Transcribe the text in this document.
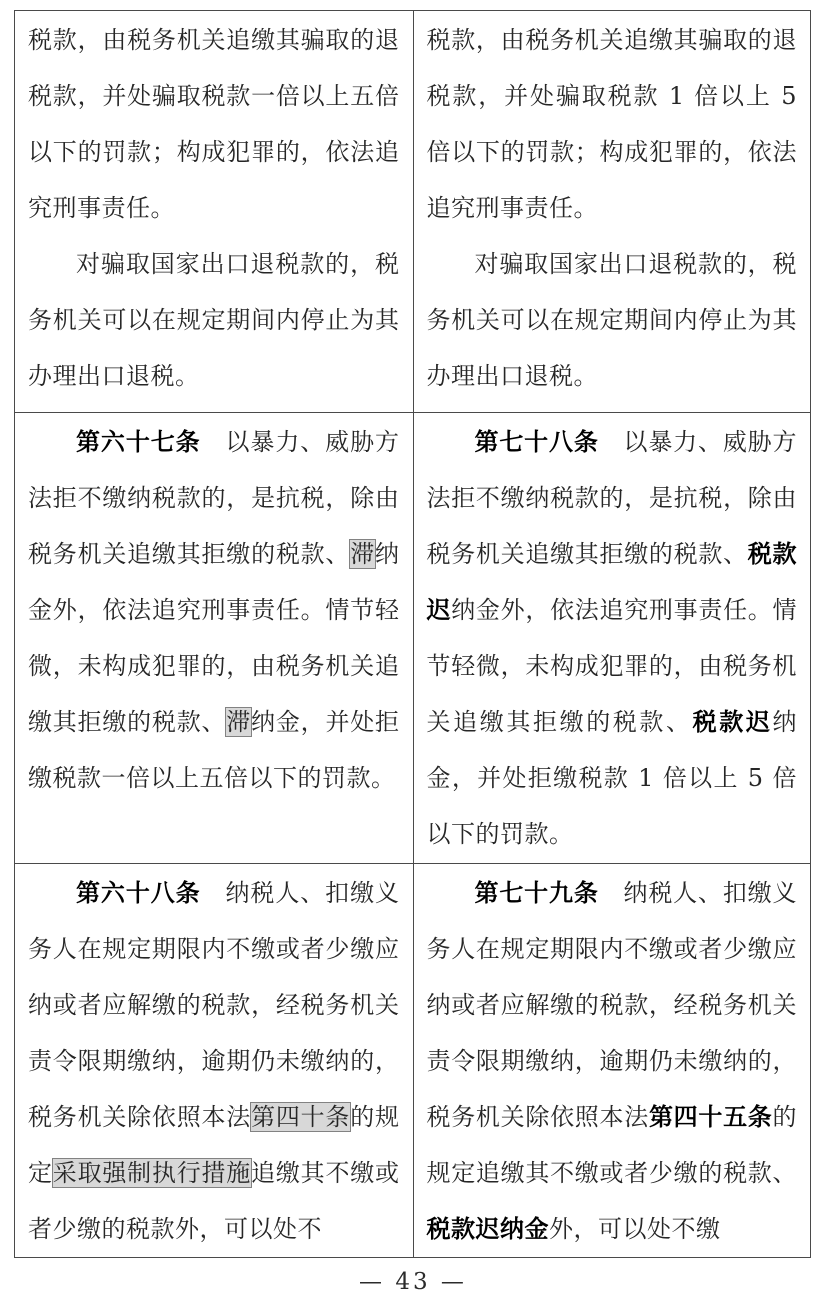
税款，由税务机关追缴其骗取的退税款，并处骗取税款一倍以上五倍以下的罚款；构成犯罪的，依法追究刑事责任。

对骗取国家出口退税款的，税务机关可以在规定期间内停止为其办理出口退税。

税款，由税务机关追缴其骗取的退税款，并处骗取税款 1 倍以上 5 倍以下的罚款；构成犯罪的，依法追究刑事责任。

对骗取国家出口退税款的，税务机关可以在规定期间内停止为其办理出口退税。

第六十七条　以暴力、威胁方法拒不缴纳税款的，是抗税，除由税务机关追缴其拒缴的税款、滞纳金外，依法追究刑事责任。情节轻微，未构成犯罪的，由税务机关追缴其拒缴的税款、滞纳金，并处拒缴税款一倍以上五倍以下的罚款。

第七十八条　以暴力、威胁方法拒不缴纳税款的，是抗税，除由税务机关追缴其拒缴的税款、税款迟纳金外，依法追究刑事责任。情节轻微，未构成犯罪的，由税务机关追缴其拒缴的税款、税款迟纳金，并处拒缴税款 1 倍以上 5 倍以下的罚款。

第六十八条　纳税人、扣缴义务人在规定期限内不缴或者少缴应纳或者应解缴的税款，经税务机关责令限期缴纳，逾期仍未缴纳的，税务机关除依照本法第四十条的规定采取强制执行措施追缴其不缴或者少缴的税款外，可以处不

第七十九条　纳税人、扣缴义务人在规定期限内不缴或者少缴应纳或者应解缴的税款，经税务机关责令限期缴纳，逾期仍未缴纳的，税务机关除依照本法第四十五条的规定追缴其不缴或者少缴的税款、税款迟纳金外，可以处不缴

— 43 —
